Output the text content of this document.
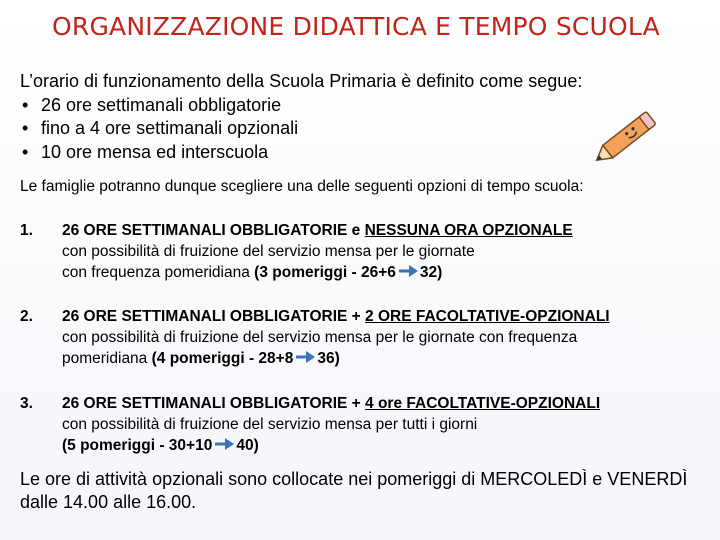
ORGANIZZAZIONE DIDATTICA E TEMPO SCUOLA
L’orario di funzionamento della Scuola Primaria è definito come segue:
• 26 ore settimanali obbligatorie
• fino a 4 ore settimanali opzionali
• 10 ore mensa ed interscuola
Le famiglie potranno dunque scegliere una delle seguenti opzioni di tempo scuola:
1. 26 ORE SETTIMANALI OBBLIGATORIE e NESSUNA ORA OPZIONALE
con possibilità di fruizione del servizio mensa per le giornate
con frequenza pomeridiana (3 pomeriggi - 26+6 32)
2. 26 ORE SETTIMANALI OBBLIGATORIE + 2 ORE FACOLTATIVE-OPZIONALI
con possibilità di fruizione del servizio mensa per le giornate con frequenza
pomeridiana (4 pomeriggi - 28+8 36)
3. 26 ORE SETTIMANALI OBBLIGATORIE + 4 ore FACOLTATIVE-OPZIONALI
con possibilità di fruizione del servizio mensa per tutti i giorni
(5 pomeriggi - 30+10 40)
Le ore di attività opzionali sono collocate nei pomeriggi di MERCOLEDÌ e VENERDÌ dalle 14.00 alle 16.00.
